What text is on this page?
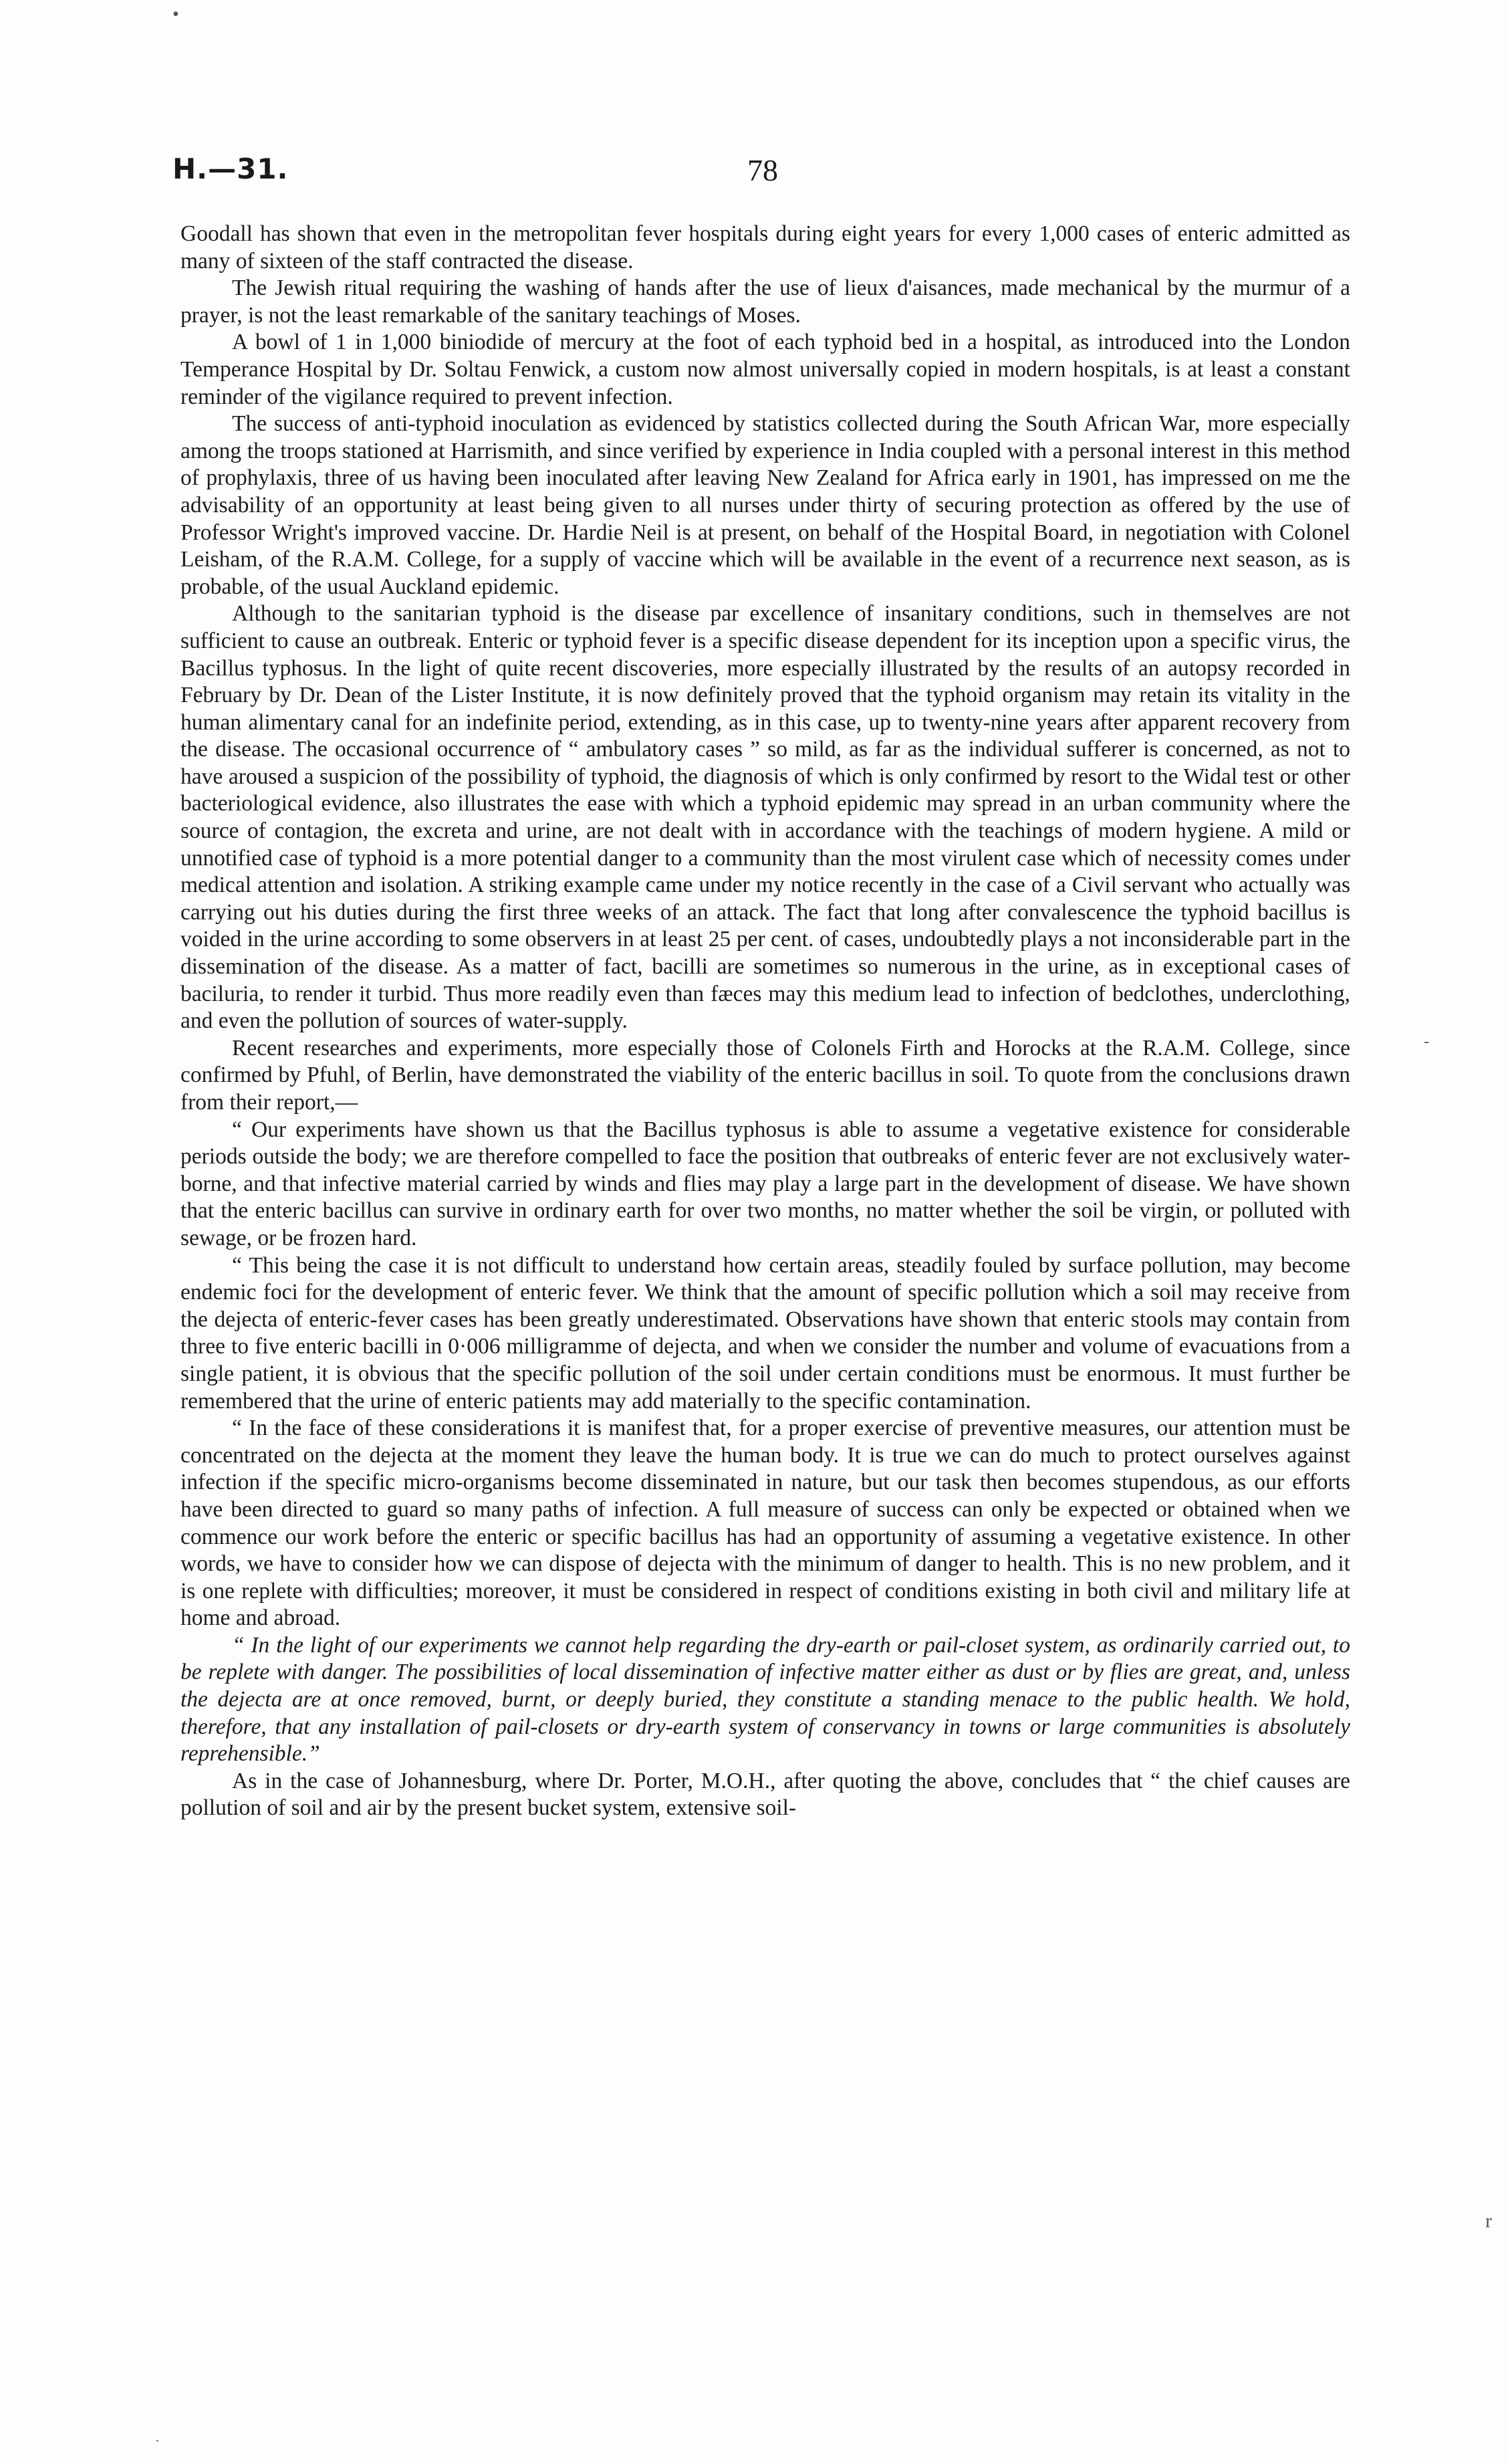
•
H.—31.	78

Goodall has shown that even in the metropolitan fever hospitals during eight years for every 1,000 cases of enteric admitted as many of sixteen of the staff contracted the disease.

The Jewish ritual requiring the washing of hands after the use of lieux d'aisances, made mechanical by the murmur of a prayer, is not the least remarkable of the sanitary teachings of Moses.

A bowl of 1 in 1,000 biniodide of mercury at the foot of each typhoid bed in a hospital, as introduced into the London Temperance Hospital by Dr. Soltau Fenwick, a custom now almost universally copied in modern hospitals, is at least a constant reminder of the vigilance required to prevent infection.

The success of anti-typhoid inoculation as evidenced by statistics collected during the South African War, more especially among the troops stationed at Harrismith, and since verified by experience in India coupled with a personal interest in this method of prophylaxis, three of us having been inoculated after leaving New Zealand for Africa early in 1901, has impressed on me the advisability of an opportunity at least being given to all nurses under thirty of securing protection as offered by the use of Professor Wright's improved vaccine. Dr. Hardie Neil is at present, on behalf of the Hospital Board, in negotiation with Colonel Leisham, of the R.A.M. College, for a supply of vaccine which will be available in the event of a recurrence next season, as is probable, of the usual Auckland epidemic.

Although to the sanitarian typhoid is the disease par excellence of insanitary conditions, such in themselves are not sufficient to cause an outbreak. Enteric or typhoid fever is a specific disease dependent for its inception upon a specific virus, the Bacillus typhosus. In the light of quite recent discoveries, more especially illustrated by the results of an autopsy recorded in February by Dr. Dean of the Lister Institute, it is now definitely proved that the typhoid organism may retain its vitality in the human alimentary canal for an indefinite period, extending, as in this case, up to twenty-nine years after apparent recovery from the disease. The occasional occurrence of “ ambulatory cases ” so mild, as far as the individual sufferer is concerned, as not to have aroused a suspicion of the possibility of typhoid, the diagnosis of which is only confirmed by resort to the Widal test or other bacteriological evidence, also illustrates the ease with which a typhoid epidemic may spread in an urban community where the source of contagion, the excreta and urine, are not dealt with in accordance with the teachings of modern hygiene. A mild or unnotified case of typhoid is a more potential danger to a community than the most virulent case which of necessity comes under medical attention and isolation. A striking example came under my notice recently in the case of a Civil servant who actually was carrying out his duties during the first three weeks of an attack. The fact that long after convalescence the typhoid bacillus is voided in the urine according to some observers in at least 25 per cent. of cases, undoubtedly plays a not inconsiderable part in the dissemination of the disease. As a matter of fact, bacilli are sometimes so numerous in the urine, as in exceptional cases of baciluria, to render it turbid. Thus more readily even than fæces may this medium lead to infection of bedclothes, underclothing, and even the pollution of sources of water-supply.

Recent researches and experiments, more especially those of Colonels Firth and Horocks at the R.A.M. College, since confirmed by Pfuhl, of Berlin, have demonstrated the viability of the enteric bacillus in soil. To quote from the conclusions drawn from their report,—

“ Our experiments have shown us that the Bacillus typhosus is able to assume a vegetative existence for considerable periods outside the body; we are therefore compelled to face the position that outbreaks of enteric fever are not exclusively water-borne, and that infective material carried by winds and flies may play a large part in the development of disease. We have shown that the enteric bacillus can survive in ordinary earth for over two months, no matter whether the soil be virgin, or polluted with sewage, or be frozen hard.

“ This being the case it is not difficult to understand how certain areas, steadily fouled by surface pollution, may become endemic foci for the development of enteric fever. We think that the amount of specific pollution which a soil may receive from the dejecta of enteric-fever cases has been greatly underestimated. Observations have shown that enteric stools may contain from three to five enteric bacilli in 0·006 milligramme of dejecta, and when we consider the number and volume of evacuations from a single patient, it is obvious that the specific pollution of the soil under certain conditions must be enormous. It must further be remembered that the urine of enteric patients may add materially to the specific contamination.

“ In the face of these considerations it is manifest that, for a proper exercise of preventive measures, our attention must be concentrated on the dejecta at the moment they leave the human body. It is true we can do much to protect ourselves against infection if the specific micro-organisms become disseminated in nature, but our task then becomes stupendous, as our efforts have been directed to guard so many paths of infection. A full measure of success can only be expected or obtained when we commence our work before the enteric or specific bacillus has had an opportunity of assuming a vegetative existence. In other words, we have to consider how we can dispose of dejecta with the minimum of danger to health. This is no new problem, and it is one replete with difficulties; moreover, it must be considered in respect of conditions existing in both civil and military life at home and abroad.

“ In the light of our experiments we cannot help regarding the dry-earth or pail-closet system, as ordinarily carried out, to be replete with danger. The possibilities of local dissemination of infective matter either as dust or by flies are great, and, unless the dejecta are at once removed, burnt, or deeply buried, they constitute a standing menace to the public health. We hold, therefore, that any installation of pail-closets or dry-earth system of conservancy in towns or large communities is absolutely reprehensible.”

As in the case of Johannesburg, where Dr. Porter, M.O.H., after quoting the above, concludes that “ the chief causes are pollution of soil and air by the present bucket system, extensive soil-

-
r
·
